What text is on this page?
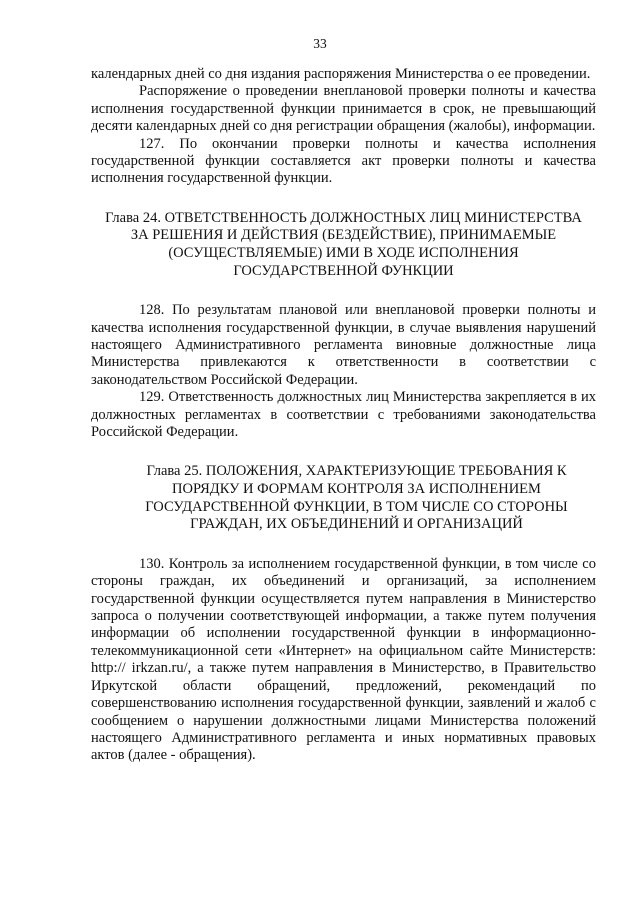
33

календарных дней со дня издания распоряжения Министерства о ее проведении.

Распоряжение о проведении внеплановой проверки полноты и качества исполнения государственной функции принимается в срок, не превышающий десяти календарных дней со дня регистрации обращения (жалобы), информации.

127. По окончании проверки полноты и качества исполнения государственной функции составляется акт проверки полноты и качества исполнения государственной функции.

Глава 24. ОТВЕТСТВЕННОСТЬ ДОЛЖНОСТНЫХ ЛИЦ МИНИСТЕРСТВА
ЗА РЕШЕНИЯ И ДЕЙСТВИЯ (БЕЗДЕЙСТВИЕ), ПРИНИМАЕМЫЕ
(ОСУЩЕСТВЛЯЕМЫЕ) ИМИ В ХОДЕ ИСПОЛНЕНИЯ
ГОСУДАРСТВЕННОЙ ФУНКЦИИ

128. По результатам плановой или внеплановой проверки полноты и качества исполнения государственной функции, в случае выявления нарушений настоящего Административного регламента виновные должностные лица Министерства привлекаются к ответственности в соответствии с законодательством Российской Федерации.

129. Ответственность должностных лиц Министерства закрепляется в их должностных регламентах в соответствии с требованиями законодательства Российской Федерации.

Глава 25. ПОЛОЖЕНИЯ, ХАРАКТЕРИЗУЮЩИЕ ТРЕБОВАНИЯ К
ПОРЯДКУ И ФОРМАМ КОНТРОЛЯ ЗА ИСПОЛНЕНИЕМ
ГОСУДАРСТВЕННОЙ ФУНКЦИИ, В ТОМ ЧИСЛЕ СО СТОРОНЫ
ГРАЖДАН, ИХ ОБЪЕДИНЕНИЙ И ОРГАНИЗАЦИЙ

130. Контроль за исполнением государственной функции, в том числе со стороны граждан, их объединений и организаций, за исполнением государственной функции осуществляется путем направления в Министерство запроса о получении соответствующей информации, а также путем получения информации об исполнении государственной функции в информационно-телекоммуникационной сети «Интернет» на официальном сайте Министерств: http:// irkzan.ru/, а также путем направления в Министерство, в Правительство Иркутской области обращений, предложений, рекомендаций по совершенствованию исполнения государственной функции, заявлений и жалоб с сообщением о нарушении должностными лицами Министерства положений настоящего Административного регламента и иных нормативных правовых актов (далее - обращения).
